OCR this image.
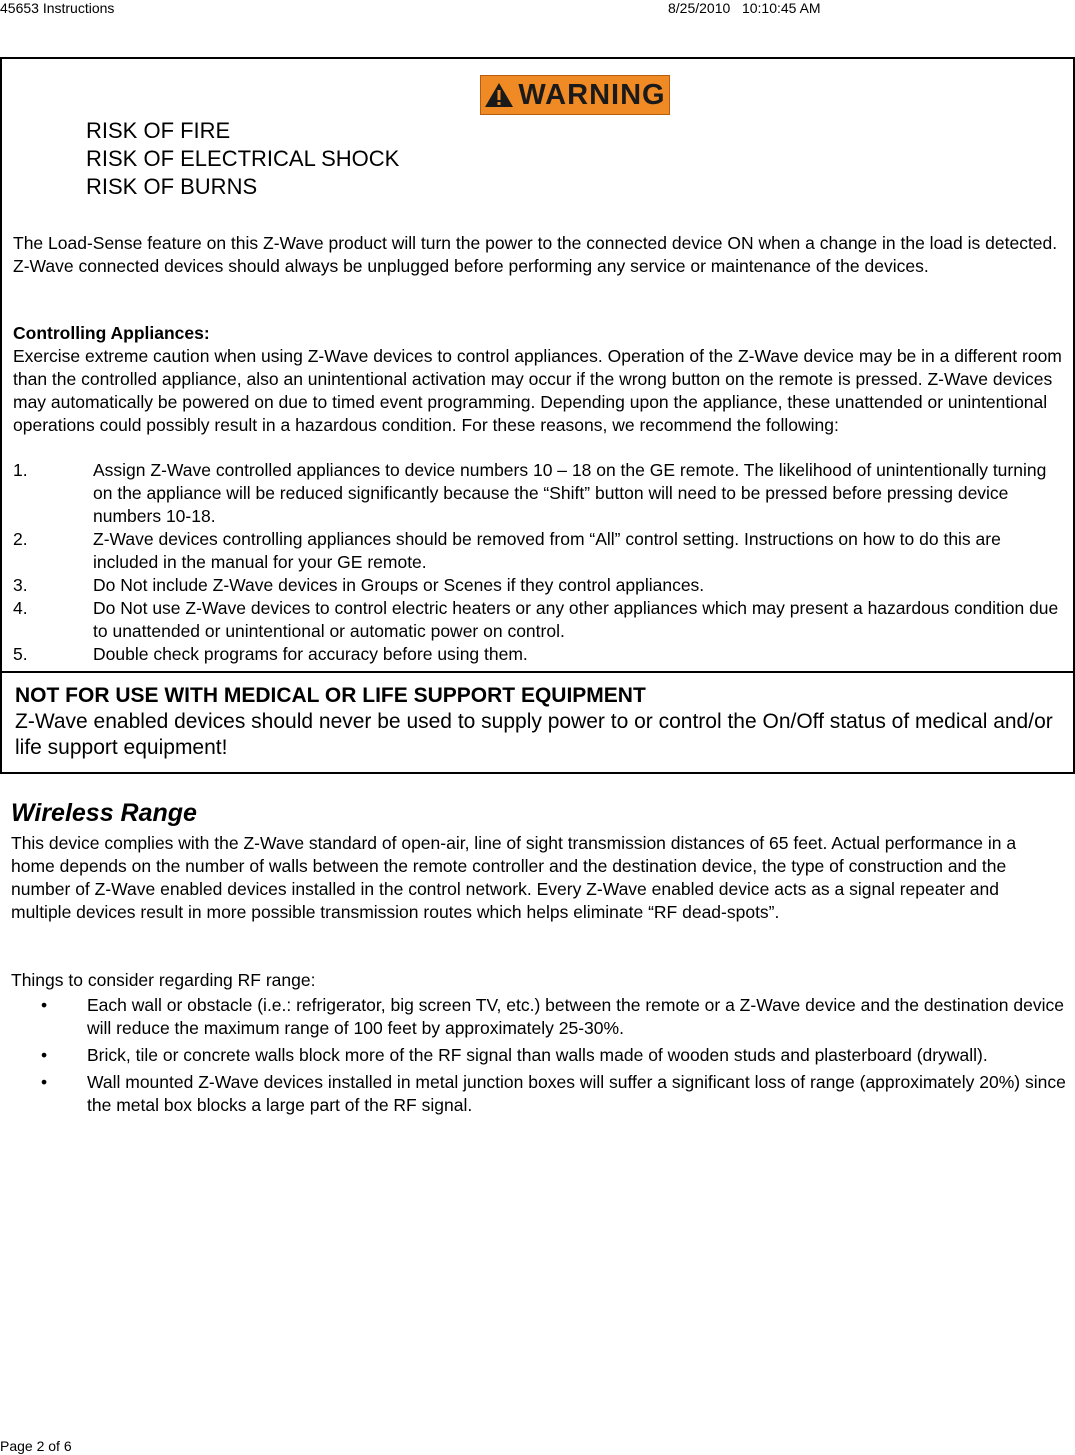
45653 Instructions	8/25/2010   10:10:45 AM
WARNING
RISK OF FIRE
RISK OF ELECTRICAL SHOCK
RISK OF BURNS
The Load-Sense feature on this Z-Wave product will turn the power to the connected device ON when a change in the load is detected. Z-Wave connected devices should always be unplugged before performing any service or maintenance of the devices.
Controlling Appliances:
Exercise extreme caution when using Z-Wave devices to control appliances. Operation of the Z-Wave device may be in a different room than the controlled appliance, also an unintentional activation may occur if the wrong button on the remote is pressed. Z-Wave devices may automatically be powered on due to timed event programming. Depending upon the appliance, these unattended or unintentional operations could possibly result in a hazardous condition. For these reasons, we recommend the following:
1.	Assign Z-Wave controlled appliances to device numbers 10 – 18 on the GE remote. The likelihood of unintentionally turning on the appliance will be reduced significantly because the “Shift” button will need to be pressed before pressing device numbers 10-18.
2.	Z-Wave devices controlling appliances should be removed from “All” control setting. Instructions on how to do this are included in the manual for your GE remote.
3.	Do Not include Z-Wave devices in Groups or Scenes if they control appliances.
4.	Do Not use Z-Wave devices to control electric heaters or any other appliances which may present a hazardous condition due to unattended or unintentional or automatic power on control.
5.	Double check programs for accuracy before using them.
NOT FOR USE WITH MEDICAL OR LIFE SUPPORT EQUIPMENT
Z-Wave enabled devices should never be used to supply power to or control the On/Off status of medical and/or life support equipment!
Wireless Range
This device complies with the Z-Wave standard of open-air, line of sight transmission distances of 65 feet. Actual performance in a home depends on the number of walls between the remote controller and the destination device, the type of construction and the number of Z-Wave enabled devices installed in the control network. Every Z-Wave enabled device acts as a signal repeater and multiple devices result in more possible transmission routes which helps eliminate “RF dead-spots”.
Things to consider regarding RF range:
•	Each wall or obstacle (i.e.: refrigerator, big screen TV, etc.) between the remote or a Z-Wave device and the destination device will reduce the maximum range of 100 feet by approximately 25-30%.
•	Brick, tile or concrete walls block more of the RF signal than walls made of wooden studs and plasterboard (drywall).
•	Wall mounted Z-Wave devices installed in metal junction boxes will suffer a significant loss of range (approximately 20%) since the metal box blocks a large part of the RF signal.
Page 2 of 6
